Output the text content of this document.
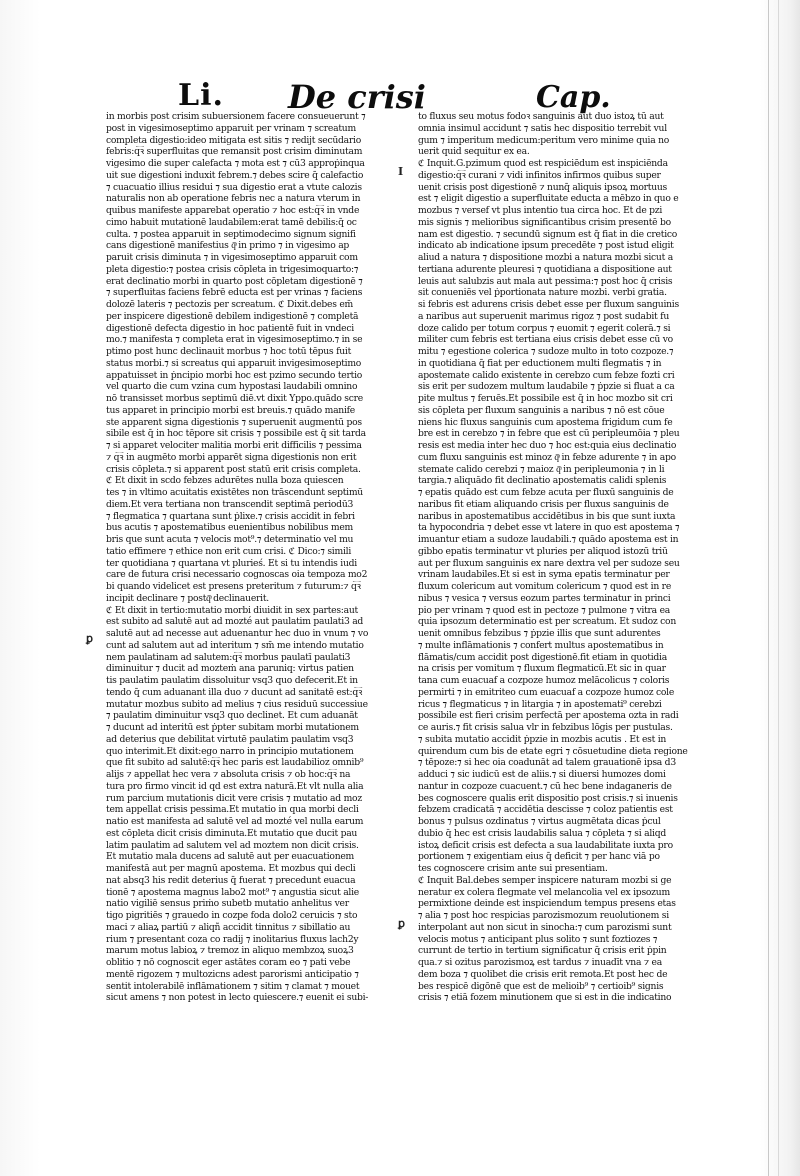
Li. De crisi	Cap.
ꝑ
I
ꝑ
in morbis post crisim subuersionem facere consueuerunt ⁊
post in vigesimoseptimo apparuit per vrinam ⁊ screatum
completa digestio:ideo mitigata est sitis ⁊ redijt secūdario
febris:q͡ꝛ superfluitas que remansit post crisim diminutam
vigesimo die super calefacta ⁊ mota est ⁊ cū3 approṗinqua
uit sue digestioni induxit febrem.⁊ debes scire q̄ calefactio
⁊ cuacuatio illius residui ⁊ sua digestio erat a vtute calozis
naturalis non ab operatione febris nec a natura vterum in
quibus manifeste apparebat operatio ⁊ hoc est:q͡ꝛ in vnde
cimo habuit mutationē laudabilem:erat tamē debilis:q̄ oc
culta. ⁊ postea apparuit in septimodecimo signum signifi
cans digestionē manifestius q̄ͣ in primo ⁊ in vigesimo ap
paruit crisis diminuta ⁊ in vigesimoseptimo apparuit com
pleta digestio:⁊ postea crisis cōpleta in trigesimoquarto:⁊
erat declinatio morbi in quarto post cōpletam digestionē ⁊
⁊ superfluitas faciens febrē educta est per vrinas ⁊ faciens
dolozē lateris ⁊ pectozis per screatum. ℭ Dixit.debes em̄
per inspicere digestionē debilem indigestionē ⁊ completā
digestionē defecta digestio in hoc patientē fuit in vndeci
mo.⁊ manifesta ⁊ completa erat in vigesimoseptimo.⁊ in se
ptimo post hunc declinauit morbus ⁊ hoc totū tēpus fuit
status morbi.⁊ si screatus qui apparuit invigesimoseptimo
appatuisset in ṗncipio morbi hoc est pzimo secundo tertio
vel quarto die cum vzina cum hypostasi laudabili omnino
nō transisset morbus septimū diē.vt dixit Yppo.quādo scre
tus apparet in principio morbi est breuis.⁊ quādo manife
ste apparent signa digestionis ⁊ superuenit augmentū pos
sibile est q̄ in hoc tēpore sit crisis ⁊ possibile est q̄ sit tarda
⁊ si apparet velociter malitia morbi erit difficilis ⁊ pessima
⁊ q͡ꝛ in augmēto morbi apparēt signa digestionis non erit
crisis cōpleta.⁊ si apparent post statū erit crisis completa.
ℭ Et dixit in scdo febzes adurētes nulla boza quiescen
tes ⁊ in vltimo acuitatis existētes non trāscendunt septimū
diem.Et vera tertiana non transcendit septimā periodū3
⁊ flegmatica ⁊ quartana sunt ṗlixe.⁊ crisis accidit in febri
bus acutis ⁊ apostematibus euenientibus nobilibus mem
bris que sunt acuta ⁊ velocis mot⁹.⁊ determinatio vel mu
tatio effimere ⁊ ethice non erit cum crisi. ℭ Dico:⁊ simili
ter quotidiana ⁊ quartana vt plurieś. Et si tu intendis iudi
care de futura crisi necessario cognoscas oia tempoza mo2
bi quando videlicet est presens preteritum ⁊ futurum:⁊ q͡ꝛ
incipit declinare ⁊ postq̄ͣ declinauerit.
ℭ Et dixit in tertio:mutatio morbi diuidit in sex partes:aut
est subito ad salutē aut ad mozté aut paulatim paulati3 ad
salutē aut ad necesse aut aduenantur hec duo in vnum ⁊ vo
cunt ad salutem aut ad interitum ⁊ sm̄ me intendo mutatio
nem paulatinam ad salutem:q͡ꝛ morbus paulatī paulati3
diminuitur ⁊ ducit ad mozteṁ ana paruniq: virtus patien
tis paulatim paulatim dissoluitur vsq3 quo defecerit.Et in
tendo q̄ cum aduanant illa duo ⁊ ducunt ad sanitatē est:q͡ꝛ
mutatur mozbus subito ad melius ⁊ cius residuū successiue
⁊ paulatim diminuitur vsq3 quo declinet. Et cum aduanāt
⁊ ducunt ad interitū est ṗpter subitam morbi mutationem
ad deterius que debilitat virtutē paulatim paulatim vsq3
quo interimit.Et dixit:ego narro in principio mutationem
que fit subito ad salutē:q͡ꝛ hec paris est laudabilioz omnib⁹
alijs ⁊ appellat hec vera ⁊ absoluta crisis ⁊ ob hoc:q͡ꝛ na
tura pro firmo vincit id qd̄ est extra naturā.Et vlt nulla alia
rum parcium mutationis dicit vere crisis ⁊ mutatio ad moz
tem appellat crisis pessima.Et mutatio in qua morbi decli
natio est manifesta ad salutē vel ad mozté vel nulla earum
est cōpleta dicit crisis diminuta.Et mutatio que ducit pau
latim paulatim ad salutem vel ad moztem non dicit crisis.
Et mutatio mala ducens ad salutē aut per euacuationem
manifestā aut per magnū apostema. Et mozbus qui decli
nat absq3 his redit deterius q̄ fuerat ⁊ precedunt euacua
tionē ⁊ apostema magnus labo2 mot⁹ ⁊ angustia sicut alie
natio vigiliē sensus priṁo subetb mutatio anhelitus ver
tigo pigritiēs ⁊ grauedo in cozpe foda dolo2 ceruicis ⁊ sto
maci ⁊ aliaꝝ partiū ⁊ aliqñ accidit tinnitus ⁊ sibillatio au
rium ⁊ presentant coza co radij ⁊ inolitarius fluxus lach2y
marum motus labioꝝ ⁊ tremoz in aliquo membzoꝝ suoꝝ3
oblitio ⁊ nō cognoscit eger astātes coram eo ⁊ pati vebe
mentē rigozem ⁊ multozicns adest parorismi anticipatio ⁊
sentit intolerabilē inflāmationem ⁊ sitim ⁊ clamat ⁊ mouet
sicut amens ⁊ non potest in lecto quiescere.⁊ euenit ei subi-
to fluxus seu motus fodoꝛ sanguinis aut duo istoꝝ tū aut
omnia insimul accidunt ⁊ satis hec dispositio terrebit vul
gum ⁊ imperitum medicum:peritum vero minime quia no
uerit quid sequitur ex ea.
ℭ Inquit.G.pzimum quod est respiciēdum est inspiciēnda
digestio:q͡ꝛ curani ⁊ vidi infinitos infirmos quibus super
uenit crisis post digestionē ⁊ nunq̄ aliquis ipsoꝝ mortuus
est ⁊ eligit digestio a superfluitate educta a mēbzo in quo e
mozbus ⁊ versef vt plus intentio tua circa hoc. Et de pzi
mis signis ⁊ melioribus significantibus crisim presentē bo
nam est digestio. ⁊ secundū signum est q̄ fiat in die cretico
indicato ab indicatione ipsum precedēte ⁊ post istud eligit
aliud a natura ⁊ dispositione mozbi a natura mozbi sicut a
tertiana adurente pleuresi ⁊ quotidiana a dispositione aut
leuis aut salubzis aut mala aut pessima:⁊ post hoc q̄ crisis
sit conueniēs vel ṗportionata nature mozbi. verbi gratia.
si febris est adurens crisis debet esse per fluxum sanguinis
a naribus aut superuenit marimus rigoz ⁊ post sudabit fu
doze calido per totum corpus ⁊ euomit ⁊ egerit colerā.⁊ si
militer cum febris est tertiana eius crisis debet esse cū vo
mitu ⁊ egestione colerica ⁊ sudoze multo in toto cozpoze.⁊
in quotidiana q̄ fiat per eductionem multi flegmatis ⁊ in
apostemate calido existente in cerebzo cum febze fozti cri
sis erit per sudozem multum laudabile ⁊ ṗpzie si fluat a ca
pite multus ⁊ feruēs.Et possibile est q̄ in hoc mozbo sit cri
sis cōpleta per fluxum sanguinis a naribus ⁊ nō est cōue
niens hic fluxus sanguinis cum apostema frigidum cum fe
bre est in cerebzo ⁊ in febre que est cū peripleumōia ⁊ pleu
resis est media inter hec duo ⁊ hoc est:quia eius declinatio
cum fluxu sanguinis est minoz q̄ͣ in febze adurente ⁊ in apo
stemate calido cerebzi ⁊ maioz q̄ͣ in peripleumonia ⁊ in li
targia.⁊ aliquādo fit declinatio apostematis calidi splenis
⁊ epatis quādo est cum febze acuta per fluxū sanguinis de
naribus fit etiam aliquando crisis per fluxus sanguinis de
naribus in apostematibus accidētibus in bis que sunt iuxta
ta hypocondria ⁊ debet esse vt latere in quo est apostema ⁊
imuantur etiam a sudoze laudabili.⁊ quādo apostema est in
gibbo epatis terminatur vt pluries per aliquod istozū triū
aut per fluxum sanguinis ex nare dextra vel per sudoze seu
vrinam laudabiles.Et si est in syma epatis terminatur per
fluxum colericum aut vomitum colericum ⁊ quod est in re
nibus ⁊ vesica ⁊ versus eozum partes terminatur in princi
pio per vrinam ⁊ quod est in pectoze ⁊ pulmone ⁊ vitra ea
quia ipsozum determinatio est per screatum. Et sudoz con
uenit omnibus febzibus ⁊ ṗpzie illis que sunt adurentes
⁊ multe inflāmationis ⁊ confert multus apostematibus in
flāmatis/cum accidit post digestionē.fit etiam in quotidia
na crisis per vomitum ⁊ fluxum flegmaticū.Et sic in quar
tana cum euacuaf a cozpoze humoz melācolicus ⁊ coloris
permirti ⁊ in emitriteo cum euacuaf a cozpoze humoz cole
ricus ⁊ flegmaticus ⁊ in litargia ⁊ in apostemati⁹ cerebzi
possibile est fieri crisim perfectā per apostema ozta in radi
ce auris.⁊ fit crisis salua vlr in febzibus lōgis per pustulas.
⁊ subita mutatio accidit ṗpzie in mozbis acutis . Et est in
quirendum cum bis de etate egri ⁊ cōsuetudine dieta regione
⁊ tēpoze:⁊ si hec oia coadunāt ad talem grauationē ipsa d3
adduci ⁊ sic iudicū est de aliis.⁊ si diuersi humozes domi
nantur in cozpoze cuacuent.⁊ cū hec bene indaganeris de
bes cognoscere qualis erit dispositio post crisis.⁊ si inuenis
febzem cradicatā ⁊ accidētia descisse ⁊ coloz patientis est
bonus ⁊ pulsus ozdinatus ⁊ virtus augmētata dicas ṗcul
dubio q̄ hec est crisis laudabilis salua ⁊ cōpleta ⁊ si aliqd
istoꝝ deficit crisis est defecta a sua laudabilitate iuxta pro
portionem ⁊ exigentiam eius q̄ deficit ⁊ per hanc viā po
tes cognoscere crisim ante sui presentiam.
ℭ Inquit Bal.debes semper inspicere naturam mozbi si ge
neratur ex colera flegmate vel melancolia vel ex ipsozum
permixtione deinde est inspiciendum tempus presens etas
⁊ alia ⁊ post hoc respicias parozismozum reuolutionem si
interpolant aut non sicut in sinocha:⁊ cum parozismi sunt
velocis motus ⁊ anticipant plus solito ⁊ sunt foztiozes ⁊
currunt de tertio in tertium significatur q̄ crisis erit ṗpin
qua.⁊ si ozitus parozismoꝝ est tardus ⁊ inuadīt vna ⁊ ea
dem boza ⁊ quolibet die crisis erit remota.Et post hec de
bes respicē digōnē que est de melioib⁹ ⁊ certioib⁹ signis
crisis ⁊ etiā fozem minutionem que si est in die indicatino
